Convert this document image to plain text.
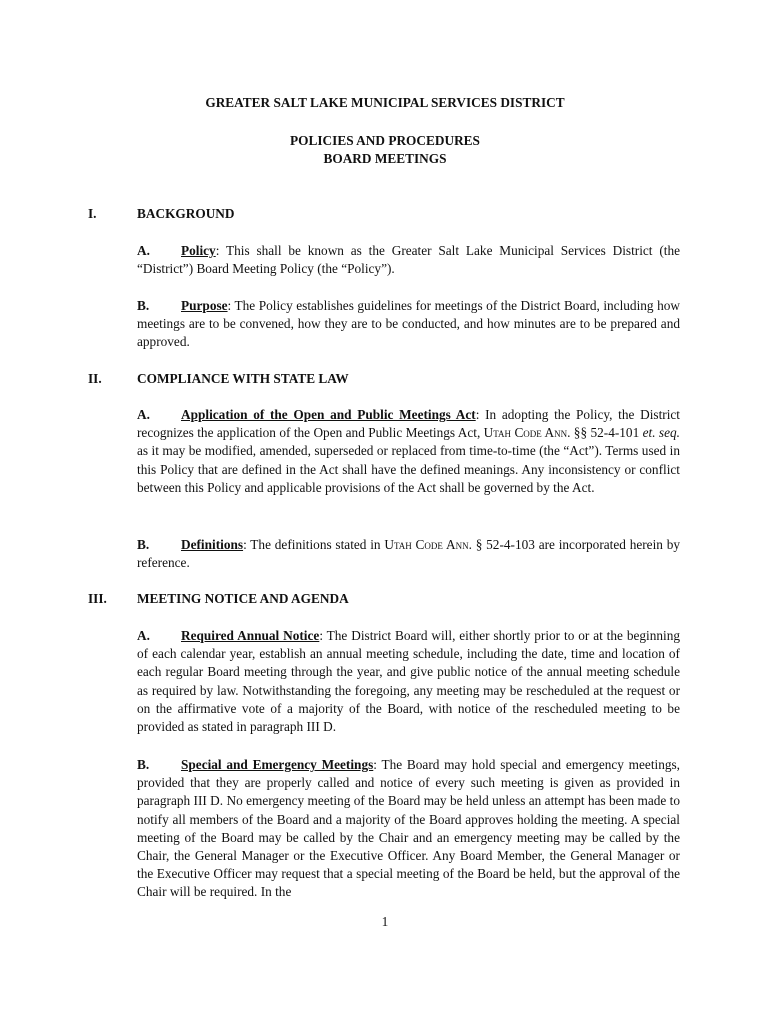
GREATER SALT LAKE MUNICIPAL SERVICES DISTRICT
POLICIES AND PROCEDURES
BOARD MEETINGS
I.	BACKGROUND
A. Policy: This shall be known as the Greater Salt Lake Municipal Services District (the “District”) Board Meeting Policy (the “Policy”).
B. Purpose: The Policy establishes guidelines for meetings of the District Board, including how meetings are to be convened, how they are to be conducted, and how minutes are to be prepared and approved.
II.	COMPLIANCE WITH STATE LAW
A. Application of the Open and Public Meetings Act: In adopting the Policy, the District recognizes the application of the Open and Public Meetings Act, Utah Code Ann. §§ 52-4-101 et. seq. as it may be modified, amended, superseded or replaced from time-to-time (the “Act”). Terms used in this Policy that are defined in the Act shall have the defined meanings. Any inconsistency or conflict between this Policy and applicable provisions of the Act shall be governed by the Act.
B. Definitions: The definitions stated in Utah Code Ann. § 52-4-103 are incorporated herein by reference.
III. MEETING NOTICE AND AGENDA
A. Required Annual Notice: The District Board will, either shortly prior to or at the beginning of each calendar year, establish an annual meeting schedule, including the date, time and location of each regular Board meeting through the year, and give public notice of the annual meeting schedule as required by law. Notwithstanding the foregoing, any meeting may be rescheduled at the request or on the affirmative vote of a majority of the Board, with notice of the rescheduled meeting to be provided as stated in paragraph III D.
B. Special and Emergency Meetings: The Board may hold special and emergency meetings, provided that they are properly called and notice of every such meeting is given as provided in paragraph III D. No emergency meeting of the Board may be held unless an attempt has been made to notify all members of the Board and a majority of the Board approves holding the meeting. A special meeting of the Board may be called by the Chair and an emergency meeting may be called by the Chair, the General Manager or the Executive Officer. Any Board Member, the General Manager or the Executive Officer may request that a special meeting of the Board be held, but the approval of the Chair will be required. In the
1
